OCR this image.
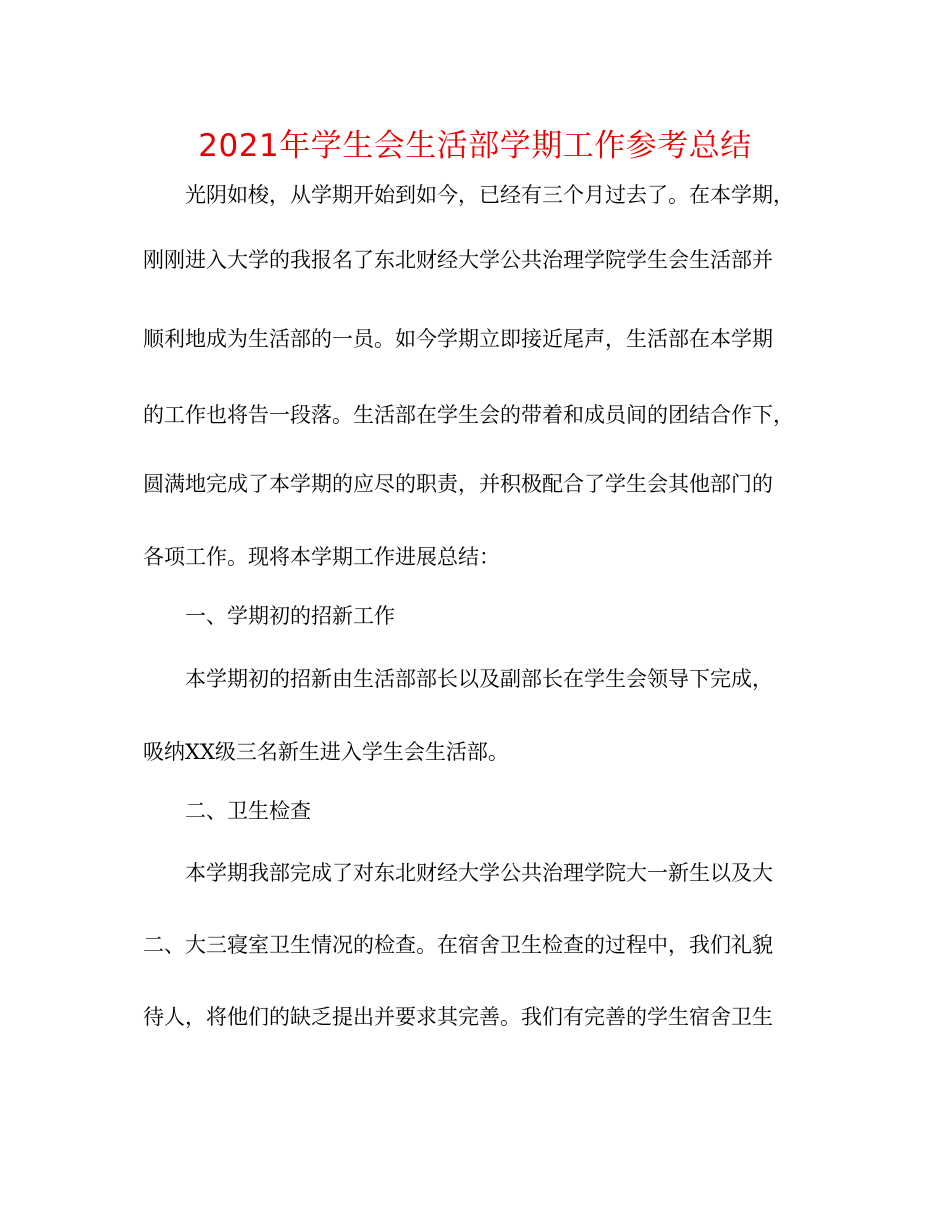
2021年学生会生活部学期工作参考总结

光阴如梭，从学期开始到如今，已经有三个月过去了。在本学期，

刚刚进入大学的我报名了东北财经大学公共治理学院学生会生活部并

顺利地成为生活部的一员。如今学期立即接近尾声，生活部在本学期

的工作也将告一段落。生活部在学生会的带着和成员间的团结合作下，

圆满地完成了本学期的应尽的职责，并积极配合了学生会其他部门的

各项工作。现将本学期工作进展总结：

一、学期初的招新工作

本学期初的招新由生活部部长以及副部长在学生会领导下完成，

吸纳XX级三名新生进入学生会生活部。

二、卫生检查

本学期我部完成了对东北财经大学公共治理学院大一新生以及大

二、大三寝室卫生情况的检查。在宿舍卫生检查的过程中，我们礼貌

待人，将他们的缺乏提出并要求其完善。我们有完善的学生宿舍卫生
